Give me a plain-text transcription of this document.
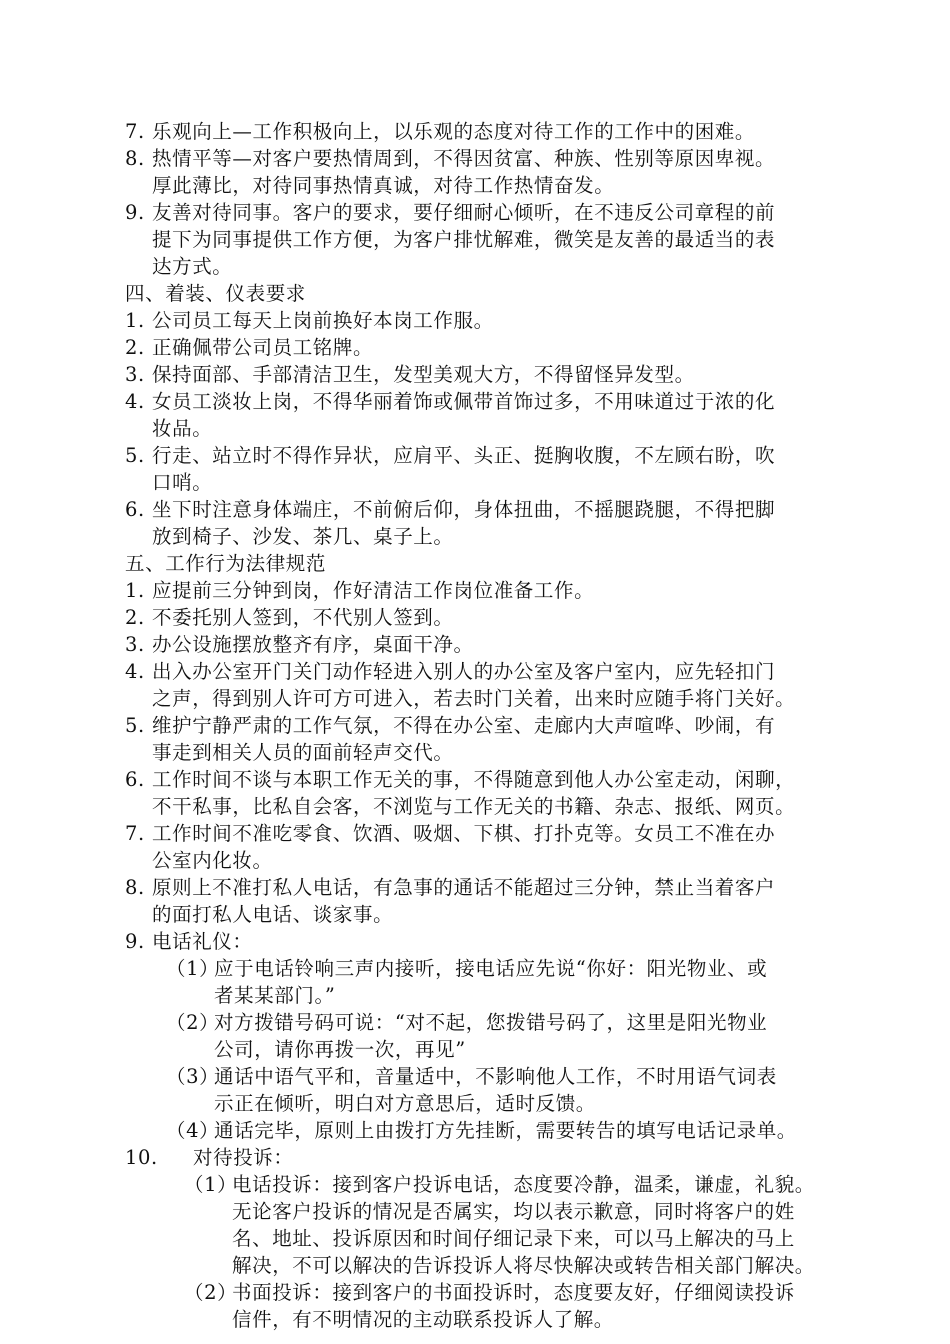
7. 乐观向上—工作积极向上，以乐观的态度对待工作的工作中的困难。
8. 热情平等—对客户要热情周到，不得因贫富、种族、性别等原因卑视。
厚此薄比，对待同事热情真诚，对待工作热情奋发。
9. 友善对待同事。客户的要求，要仔细耐心倾听，在不违反公司章程的前
提下为同事提供工作方便，为客户排忧解难，微笑是友善的最适当的表
达方式。
四、着装、仪表要求
1. 公司员工每天上岗前换好本岗工作服。
2. 正确佩带公司员工铭牌。
3. 保持面部、手部清洁卫生，发型美观大方，不得留怪异发型。
4. 女员工淡妆上岗，不得华丽着饰或佩带首饰过多，不用味道过于浓的化
妆品。
5. 行走、站立时不得作异状，应肩平、头正、挺胸收腹，不左顾右盼，吹
口哨。
6. 坐下时注意身体端庄，不前俯后仰，身体扭曲，不摇腿跷腿，不得把脚
放到椅子、沙发、茶几、桌子上。
五、工作行为法律规范
1. 应提前三分钟到岗，作好清洁工作岗位准备工作。
2. 不委托别人签到，不代别人签到。
3. 办公设施摆放整齐有序，桌面干净。
4. 出入办公室开门关门动作轻进入别人的办公室及客户室内，应先轻扣门
之声，得到别人许可方可进入，若去时门关着，出来时应随手将门关好。
5. 维护宁静严肃的工作气氛，不得在办公室、走廊内大声喧哗、吵闹，有
事走到相关人员的面前轻声交代。
6. 工作时间不谈与本职工作无关的事，不得随意到他人办公室走动，闲聊，
不干私事，比私自会客，不浏览与工作无关的书籍、杂志、报纸、网页。
7. 工作时间不准吃零食、饮酒、吸烟、下棋、打扑克等。女员工不准在办
公室内化妆。
8. 原则上不准打私人电话，有急事的通话不能超过三分钟，禁止当着客户
的面打私人电话、谈家事。
9. 电话礼仪：
（1）
应于电话铃响三声内接听，接电话应先说“你好：阳光物业、或
者某某部门。”
（2）
对方拨错号码可说：“对不起，您拨错号码了，这里是阳光物业
公司，请你再拨一次，再见”
（3）
通话中语气平和，音量适中，不影响他人工作，不时用语气词表
示正在倾听，明白对方意思后，适时反馈。
（4）
通话完毕，原则上由拨打方先挂断，需要转告的填写电话记录单。
10. 对待投诉：
（1）
电话投诉：接到客户投诉电话，态度要冷静，温柔，谦虚，礼貌。
无论客户投诉的情况是否属实，均以表示歉意，同时将客户的姓
名、地址、投诉原因和时间仔细记录下来，可以马上解决的马上
解决，不可以解决的告诉投诉人将尽快解决或转告相关部门解决。
（2）
书面投诉：接到客户的书面投诉时，态度要友好，仔细阅读投诉
信件，有不明情况的主动联系投诉人了解。
